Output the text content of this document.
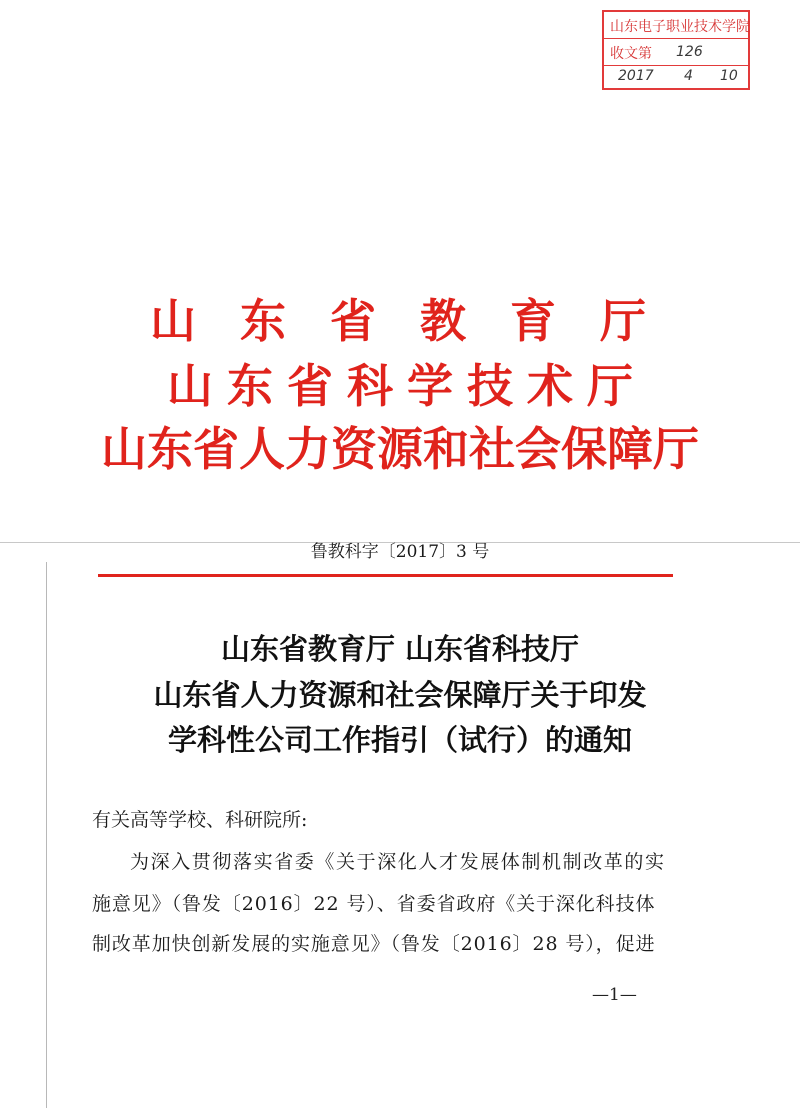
山东电子职业技术学院
收文第 126
2017 4 10
山东省教育厅
山东省科学技术厅
山东省人力资源和社会保障厅
鲁教科字〔2017〕3 号
山东省教育厅 山东省科技厅
山东省人力资源和社会保障厅关于印发
学科性公司工作指引（试行）的通知
有关高等学校、科研院所:
为深入贯彻落实省委《关于深化人才发展体制机制改革的实
施意见》（鲁发〔2016〕22 号）、省委省政府《关于深化科技体
制改革加快创新发展的实施意见》（鲁发〔2016〕28 号），促进
—1—
